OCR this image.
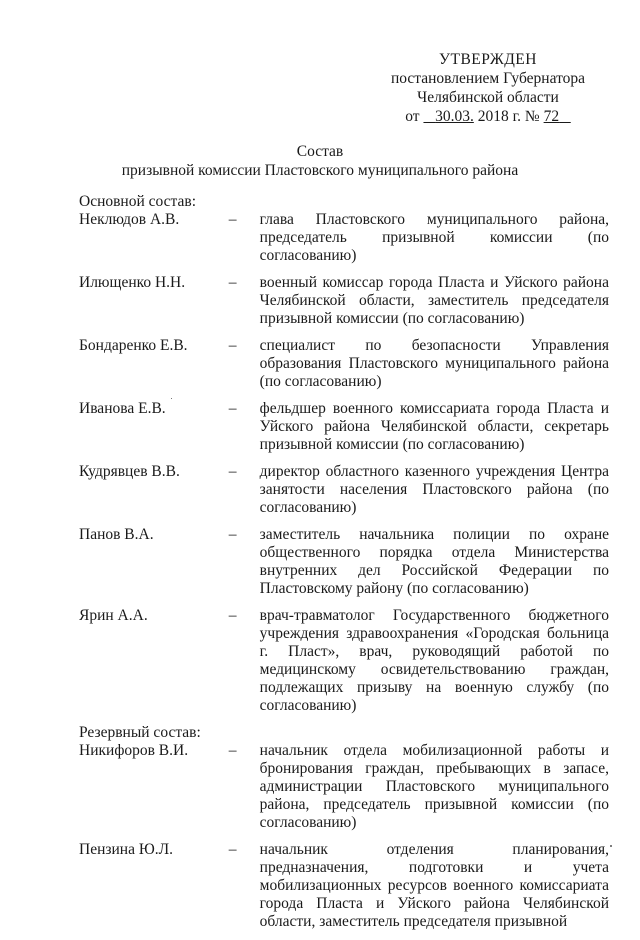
УТВЕРЖДЕН
постановлением Губернатора
Челябинской области
от 30.03. 2018 г. № 72
Состав
призывной комиссии Пластовского муниципального района
Основной состав:
Неклюдов А.В.	–	глава Пластовского муниципального района, председатель призывной комиссии (по согласованию)
Илющенко Н.Н.	–	военный комиссар города Пласта и Уйского района Челябинской области, заместитель председателя призывной комиссии (по согласованию)
Бондаренко Е.В.	–	специалист по безопасности Управления образования Пластовского муниципального района (по согласованию)
Иванова Е.В.	–	фельдшер военного комиссариата города Пласта и Уйского района Челябинской области, секретарь призывной комиссии (по согласованию)
Кудрявцев В.В.	–	директор областного казенного учреждения Центра занятости населения Пластовского района (по согласованию)
Панов В.А.	–	заместитель начальника полиции по охране общественного порядка отдела Министерства внутренних дел Российской Федерации по Пластовскому району (по согласованию)
Ярин А.А.	–	врач-травматолог Государственного бюджетного учреждения здравоохранения «Городская больница г. Пласт», врач, руководящий работой по медицинскому освидетельствованию граждан, подлежащих призыву на военную службу (по согласованию)
Резервный состав:
Никифоров В.И.	–	начальник отдела мобилизационной работы и бронирования граждан, пребывающих в запасе, администрации Пластовского муниципального района, председатель призывной комиссии (по согласованию)
Пензина Ю.Л.	–	начальник отделения планирования, предназначения, подготовки и учета мобилизационных ресурсов военного комиссариата города Пласта и Уйского района Челябинской области, заместитель председателя призывной
